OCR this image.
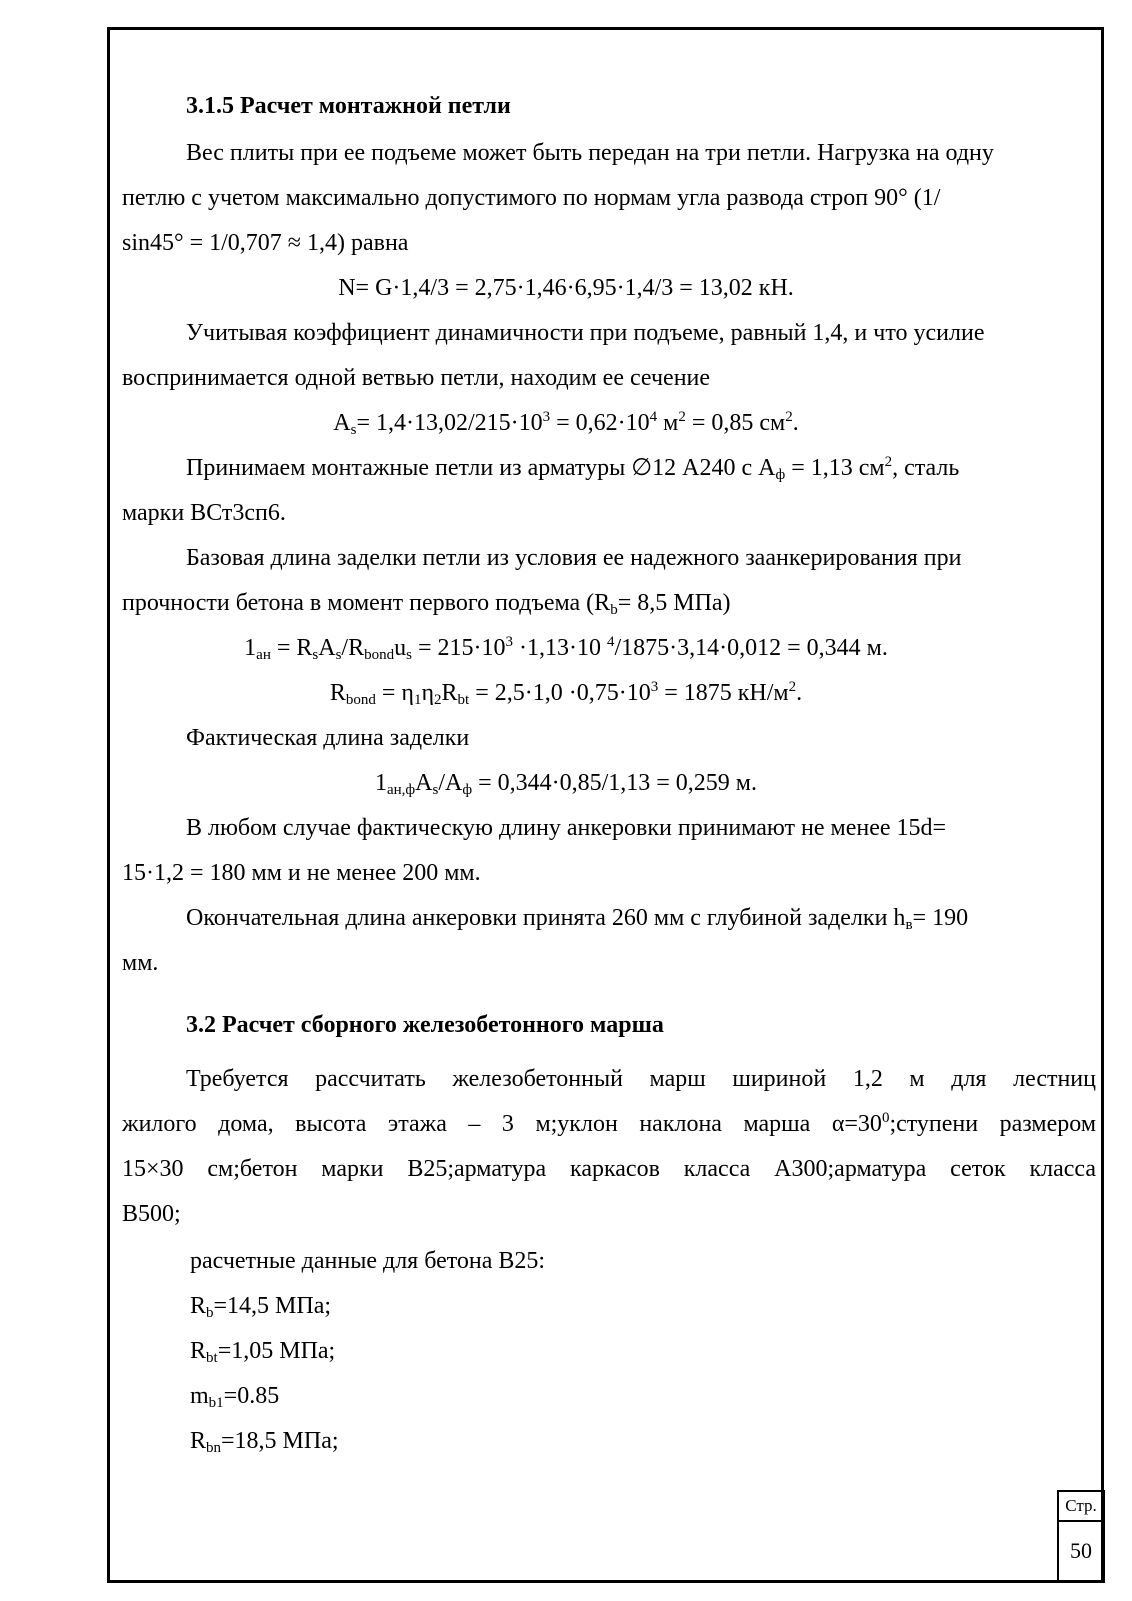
3.1.5 Расчет монтажной петли
Вес плиты при ее подъеме может быть передан на три петли. Нагрузка на одну
петлю с учетом максимально допустимого по нормам угла развода строп 90° (1/
sin45° = 1/0,707 ≈ 1,4) равна
N= G·1,4/3 = 2,75·1,46·6,95·1,4/3 = 13,02 кН.
Учитывая коэффициент динамичности при подъеме, равный 1,4, и что усилие
воспринимается одной ветвью петли, находим ее сечение
$A_s= 1,4\cdot 13,02/215\cdot 10^3 = 0,62\cdot 10^4$ $м^2 = 0,85$ $см^2$.
Принимаем монтажные петли из арматуры ∅12 А240 с $А_ф = 1,13$ $см^2$, сталь
марки ВСт3сп6.
Базовая длина заделки петли из условия ее надежного заанкерирования при
прочности бетона в момент первого подъема ($R_b= 8,5$ МПа)
$1_{ан} = R_sA_s/R_{bond}u_s = 215\cdot 10^3 \cdot 1,13\cdot 10$ $^4$/1875·3,14·0,012 = 0,344 м.
$R_{bond} = \eta_1\eta_2R_{bt} = 2,5\cdot 1,0 \cdot 0,75\cdot 10^3 = 1875$ $кН/м^2$.
Фактическая длина заделки
$1_{ан,ф}A_s/A_ф = 0,344\cdot 0,85/1,13 = 0,259$ м.
В любом случае фактическую длину анкеровки принимают не менее 15d=
15·1,2 = 180 мм и не менее 200 мм.
Окончательная длина анкеровки принята 260 мм с глубиной заделки $h_в= 190$
мм.
3.2 Расчет сборного железобетонного марша
Требуется рассчитать железобетонный марш шириной 1,2 м для лестниц
жилого дома, высота этажа – 3 м;уклон наклона марша $\alpha=30^0;ступени$ размером
15×30 см;бетон марки В25;арматура каркасов класса А300;арматура сеток класса
В500;
расчетные данные для бетона В25:
$R_b=14,5$ МПа;
$R_{bt}=1,05$ МПа;
$m_{b1}=0.85$
$R_{bn}=18,5$ МПа;
Стр.
50
